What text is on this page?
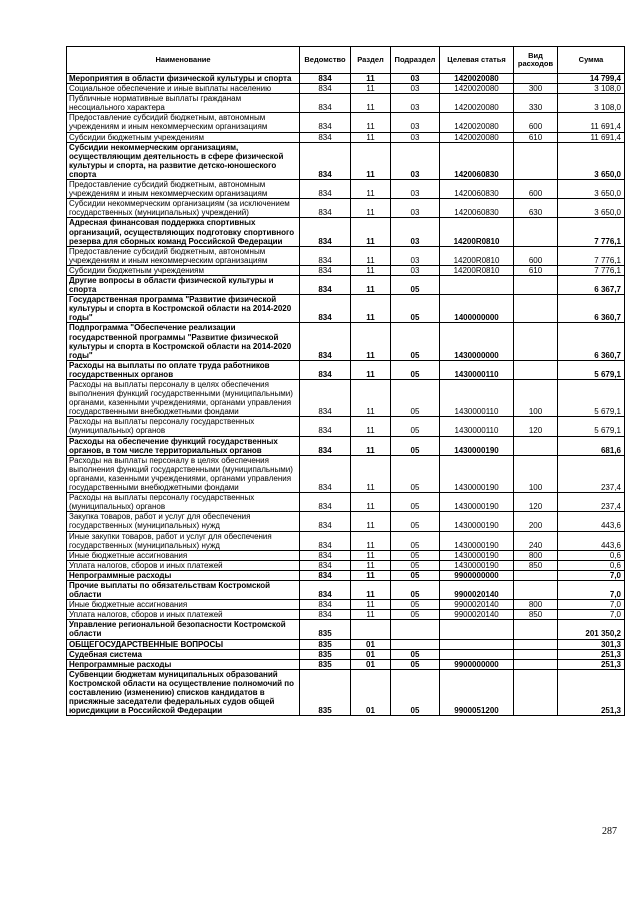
Наименование	Ведомство	Раздел	Подраздел	Целевая статья	Вид расходов	Сумма
Мероприятия в области физической культуры и спорта	834	11	03	1420020080		14 799,4
Социальное обеспечение и иные выплаты населению	834	11	03	1420020080	300	3 108,0
Публичные нормативные выплаты гражданам несоциального характера	834	11	03	1420020080	330	3 108,0
Предоставление субсидий бюджетным, автономным учреждениям и иным некоммерческим организациям	834	11	03	1420020080	600	11 691,4
Субсидии бюджетным учреждениям	834	11	03	1420020080	610	11 691,4
Субсидии некоммерческим организациям, осуществляющим деятельность в сфере физической культуры и спорта, на развитие детско-юношеского спорта	834	11	03	1420060830		3 650,0
Предоставление субсидий бюджетным, автономным учреждениям и иным некоммерческим организациям	834	11	03	1420060830	600	3 650,0
Субсидии некоммерческим организациям (за исключением государственных (муниципальных) учреждений)	834	11	03	1420060830	630	3 650,0
Адресная финансовая поддержка спортивных организаций, осуществляющих подготовку спортивного резерва для сборных команд Российской Федерации	834	11	03	14200R0810		7 776,1
Предоставление субсидий бюджетным, автономным учреждениям и иным некоммерческим организациям	834	11	03	14200R0810	600	7 776,1
Субсидии бюджетным учреждениям	834	11	03	14200R0810	610	7 776,1
Другие вопросы в области физической культуры и спорта	834	11	05			6 367,7
Государственная программа "Развитие физической культуры и спорта в Костромской области на 2014-2020 годы"	834	11	05	1400000000		6 360,7
Подпрограмма "Обеспечение реализации государственной программы "Развитие физической культуры и спорта в Костромской области на 2014-2020 годы"	834	11	05	1430000000		6 360,7
Расходы на выплаты по оплате труда работников государственных органов	834	11	05	1430000110		5 679,1
Расходы на выплаты персоналу в целях обеспечения выполнения функций государственными (муниципальными) органами, казенными учреждениями, органами управления государственными внебюджетными фондами	834	11	05	1430000110	100	5 679,1
Расходы на выплаты персоналу государственных (муниципальных) органов	834	11	05	1430000110	120	5 679,1
Расходы на обеспечение функций государственных органов, в том числе территориальных органов	834	11	05	1430000190		681,6
Расходы на выплаты персоналу в целях обеспечения выполнения функций государственными (муниципальными) органами, казенными учреждениями, органами управления государственными внебюджетными фондами	834	11	05	1430000190	100	237,4
Расходы на выплаты персоналу государственных (муниципальных) органов	834	11	05	1430000190	120	237,4
Закупка товаров, работ и услуг для обеспечения государственных (муниципальных) нужд	834	11	05	1430000190	200	443,6
Иные закупки товаров, работ и услуг для обеспечения государственных (муниципальных) нужд	834	11	05	1430000190	240	443,6
Иные бюджетные ассигнования	834	11	05	1430000190	800	0,6
Уплата налогов, сборов и иных платежей	834	11	05	1430000190	850	0,6
Непрограммные расходы	834	11	05	9900000000		7,0
Прочие выплаты по обязательствам Костромской области	834	11	05	9900020140		7,0
Иные бюджетные ассигнования	834	11	05	9900020140	800	7,0
Уплата налогов, сборов и иных платежей	834	11	05	9900020140	850	7,0
Управление региональной безопасности Костромской области	835					201 350,2
ОБЩЕГОСУДАРСТВЕННЫЕ ВОПРОСЫ	835	01				301,3
Судебная система	835	01	05			251,3
Непрограммные расходы	835	01	05	9900000000		251,3
Субвенции бюджетам муниципальных образований Костромской области на осуществление полномочий по составлению (изменению) списков кандидатов в присяжные заседатели федеральных судов общей юрисдикции в Российской Федерации	835	01	05	9900051200		251,3
287
